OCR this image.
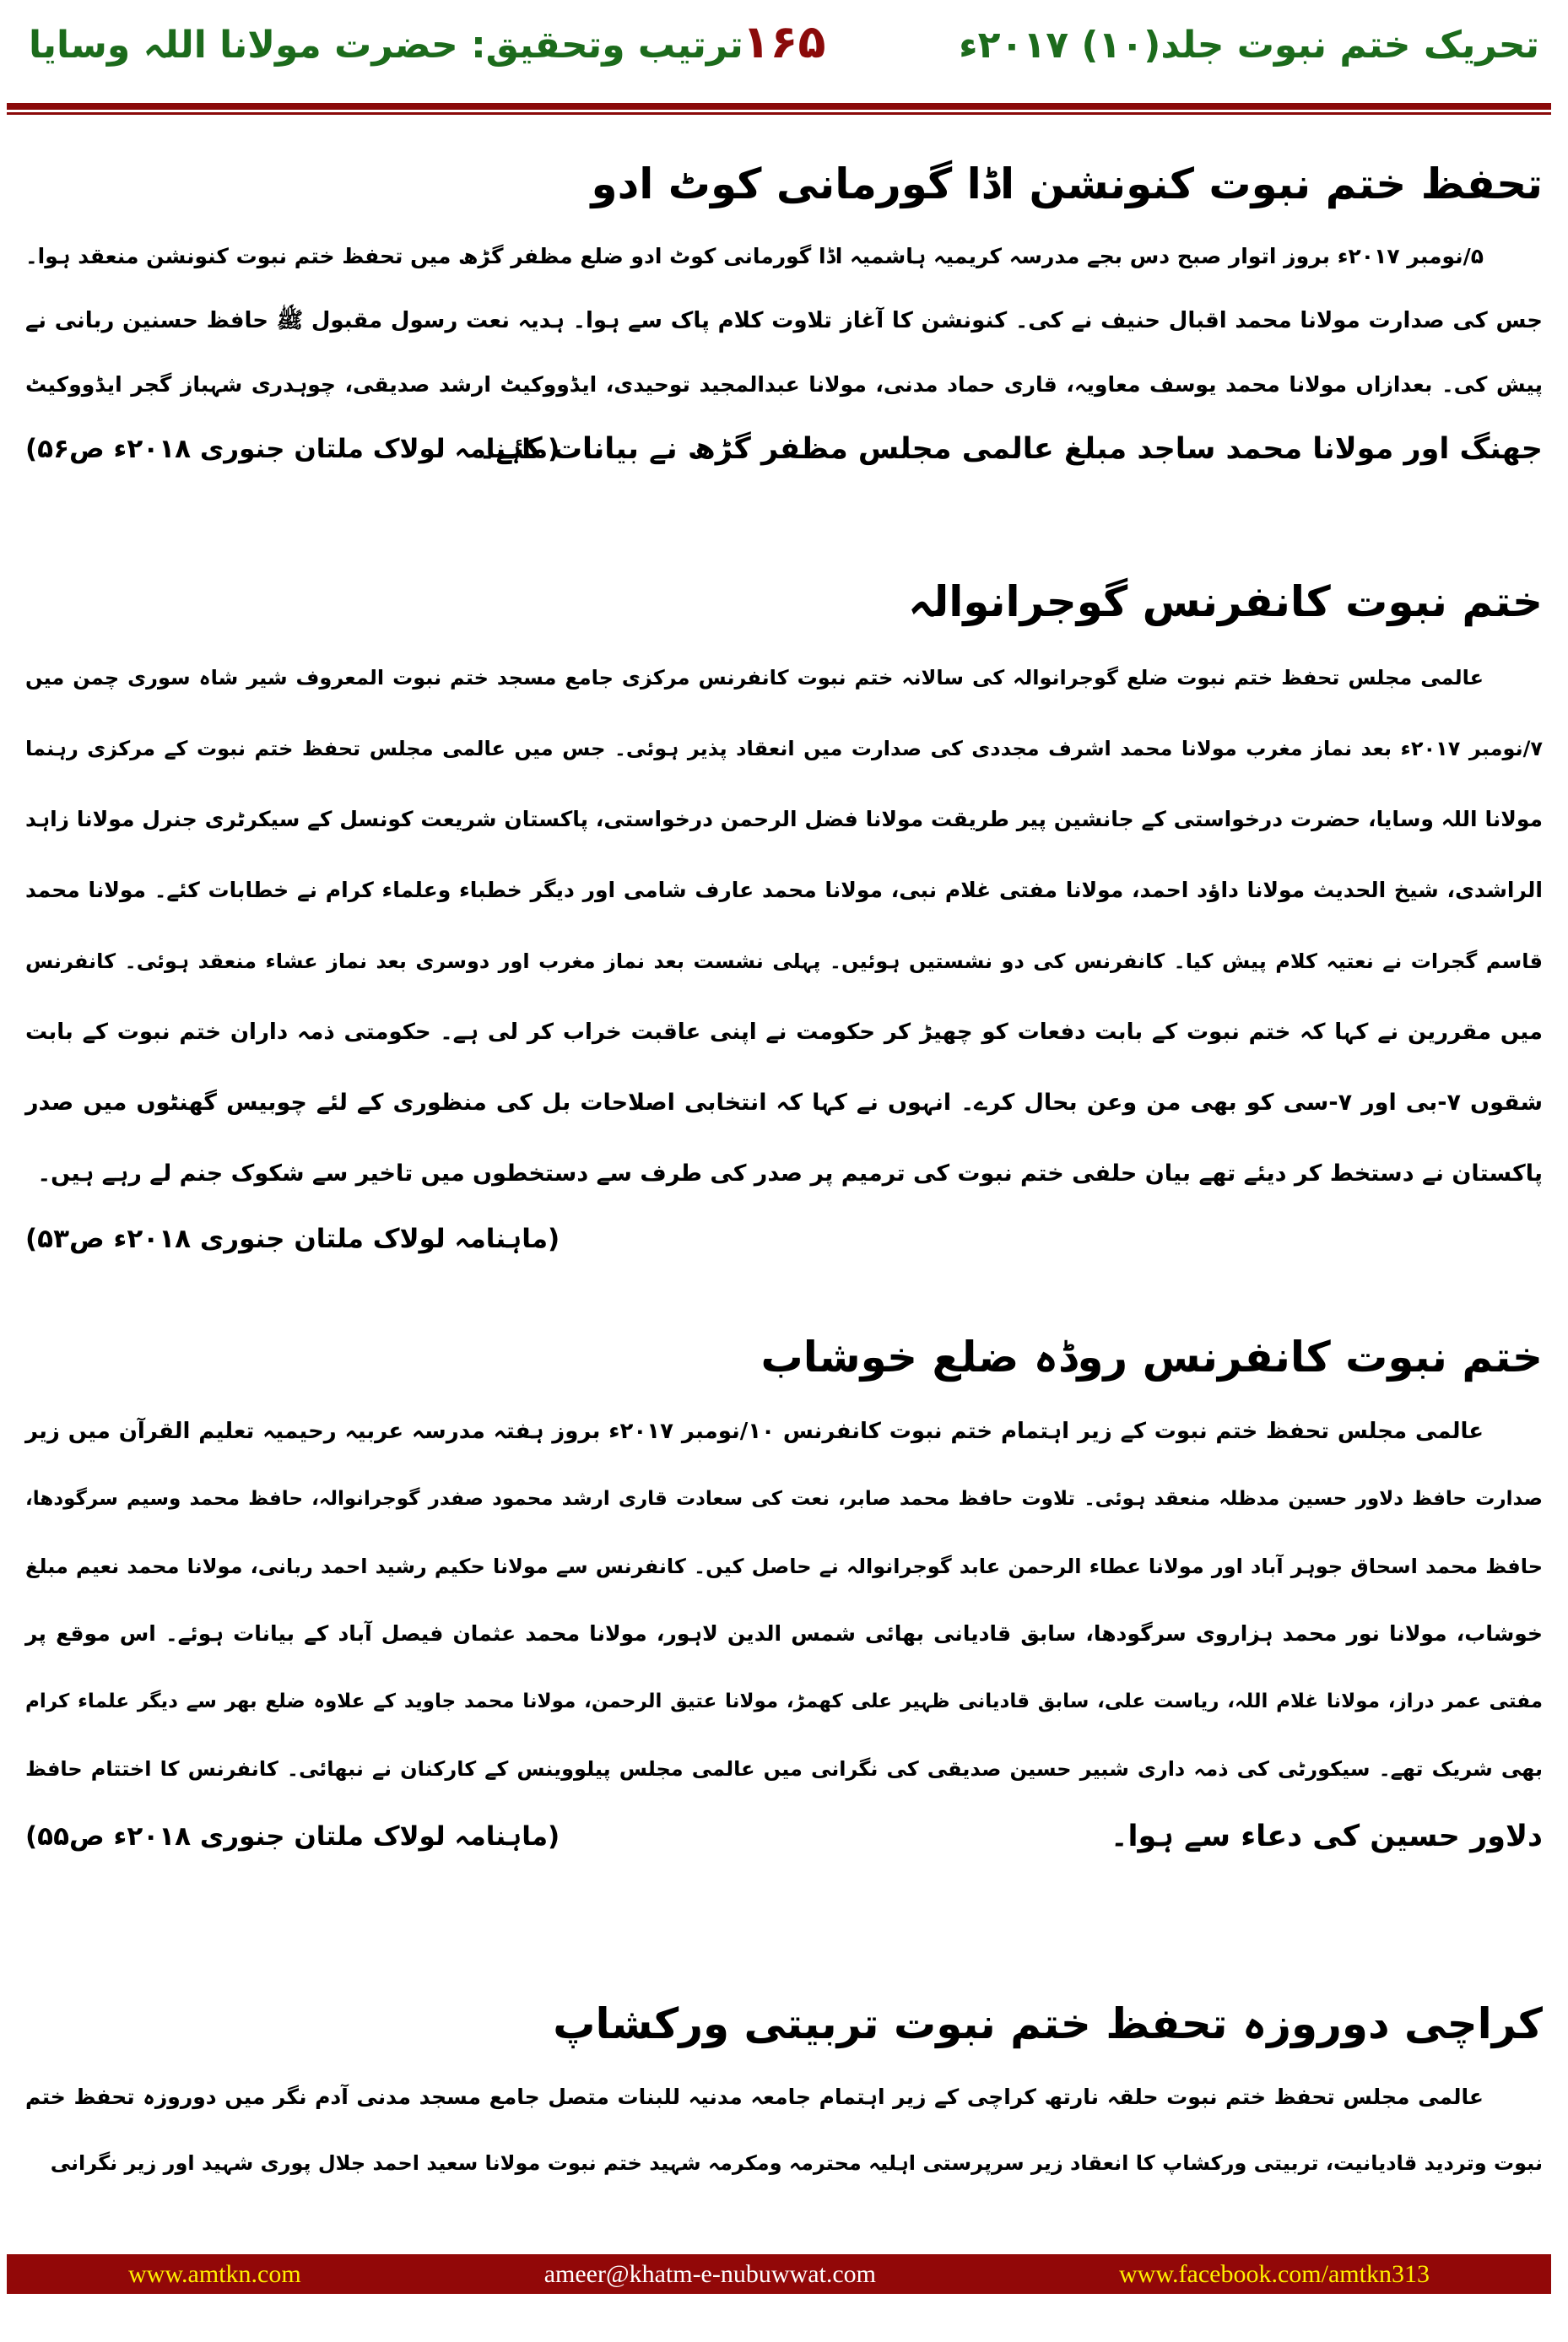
تحریک ختم نبوت جلد(۱۰) ۲۰۱۷ء
۱۶۵
ترتیب وتحقیق: حضرت مولانا اللہ وسایا
تحفظ ختم نبوت کنونشن اڈا گورمانی کوٹ ادو
۵/نومبر ۲۰۱۷ء بروز اتوار صبح دس بجے مدرسہ کریمیہ ہاشمیہ اڈا گورمانی کوٹ ادو ضلع مظفر گڑھ میں تحفظ ختم نبوت کنونشن منعقد ہوا۔
جس کی صدارت مولانا محمد اقبال حنیف نے کی۔ کنونشن کا آغاز تلاوت کلام پاک سے ہوا۔ ہدیہ نعت رسول مقبول ﷺ حافظ حسنین ربانی نے
پیش کی۔ بعدازاں مولانا محمد یوسف معاویہ، قاری حماد مدنی، مولانا عبدالمجید توحیدی، ایڈووکیٹ ارشد صدیقی، چوہدری شہباز گجر ایڈووکیٹ
جھنگ اور مولانا محمد ساجد مبلغ عالمی مجلس مظفر گڑھ نے بیانات کئے۔
(ماہنامہ لولاک ملتان جنوری ۲۰۱۸ء ص۵۶)
ختم نبوت کانفرنس گوجرانوالہ
عالمی مجلس تحفظ ختم نبوت ضلع گوجرانوالہ کی سالانہ ختم نبوت کانفرنس مرکزی جامع مسجد ختم نبوت المعروف شیر شاہ سوری چمن میں
۷/نومبر ۲۰۱۷ء بعد نماز مغرب مولانا محمد اشرف مجددی کی صدارت میں انعقاد پذیر ہوئی۔ جس میں عالمی مجلس تحفظ ختم نبوت کے مرکزی رہنما
مولانا اللہ وسایا، حضرت درخواستی کے جانشین پیر طریقت مولانا فضل الرحمن درخواستی، پاکستان شریعت کونسل کے سیکرٹری جنرل مولانا زاہد
الراشدی، شیخ الحدیث مولانا داؤد احمد، مولانا مفتی غلام نبی، مولانا محمد عارف شامی اور دیگر خطباء وعلماء کرام نے خطابات کئے۔ مولانا محمد
قاسم گجرات نے نعتیہ کلام پیش کیا۔ کانفرنس کی دو نشستیں ہوئیں۔ پہلی نشست بعد نماز مغرب اور دوسری بعد نماز عشاء منعقد ہوئی۔ کانفرنس
میں مقررین نے کہا کہ ختم نبوت کے بابت دفعات کو چھیڑ کر حکومت نے اپنی عاقبت خراب کر لی ہے۔ حکومتی ذمہ داران ختم نبوت کے بابت
شقوں ۷-بی اور ۷-سی کو بھی من وعن بحال کرے۔ انہوں نے کہا کہ انتخابی اصلاحات بل کی منظوری کے لئے چوبیس گھنٹوں میں صدر
پاکستان نے دستخط کر دیئے تھے بیان حلفی ختم نبوت کی ترمیم پر صدر کی طرف سے دستخطوں میں تاخیر سے شکوک جنم لے رہے ہیں۔
(ماہنامہ لولاک ملتان جنوری ۲۰۱۸ء ص۵۳)
ختم نبوت کانفرنس روڈہ ضلع خوشاب
عالمی مجلس تحفظ ختم نبوت کے زیر اہتمام ختم نبوت کانفرنس ۱۰/نومبر ۲۰۱۷ء بروز ہفتہ مدرسہ عربیہ رحیمیہ تعلیم القرآن میں زیر
صدارت حافظ دلاور حسین مدظلہ منعقد ہوئی۔ تلاوت حافظ محمد صابر، نعت کی سعادت قاری ارشد محمود صفدر گوجرانوالہ، حافظ محمد وسیم سرگودھا،
حافظ محمد اسحاق جوہر آباد اور مولانا عطاء الرحمن عابد گوجرانوالہ نے حاصل کیں۔ کانفرنس سے مولانا حکیم رشید احمد ربانی، مولانا محمد نعیم مبلغ
خوشاب، مولانا نور محمد ہزاروی سرگودھا، سابق قادیانی بھائی شمس الدین لاہور، مولانا محمد عثمان فیصل آباد کے بیانات ہوئے۔ اس موقع پر
مفتی عمر دراز، مولانا غلام اللہ، ریاست علی، سابق قادیانی ظہیر علی کھمڑ، مولانا عتیق الرحمن، مولانا محمد جاوید کے علاوہ ضلع بھر سے دیگر علماء کرام
بھی شریک تھے۔ سیکورٹی کی ذمہ داری شبیر حسین صدیقی کی نگرانی میں عالمی مجلس پیلووینس کے کارکنان نے نبھائی۔ کانفرنس کا اختتام حافظ
دلاور حسین کی دعاء سے ہوا۔
(ماہنامہ لولاک ملتان جنوری ۲۰۱۸ء ص۵۵)
کراچی دوروزہ تحفظ ختم نبوت تربیتی ورکشاپ
عالمی مجلس تحفظ ختم نبوت حلقہ نارتھ کراچی کے زیر اہتمام جامعہ مدنیہ للبنات متصل جامع مسجد مدنی آدم نگر میں دوروزہ تحفظ ختم
نبوت وتردید قادیانیت، تربیتی ورکشاپ کا انعقاد زیر سرپرستی اہلیہ محترمہ ومکرمہ شہید ختم نبوت مولانا سعید احمد جلال پوری شہید اور زیر نگرانی
www.amtkn.com	ameer@khatm-e-nubuwwat.com	www.facebook.com/amtkn313
